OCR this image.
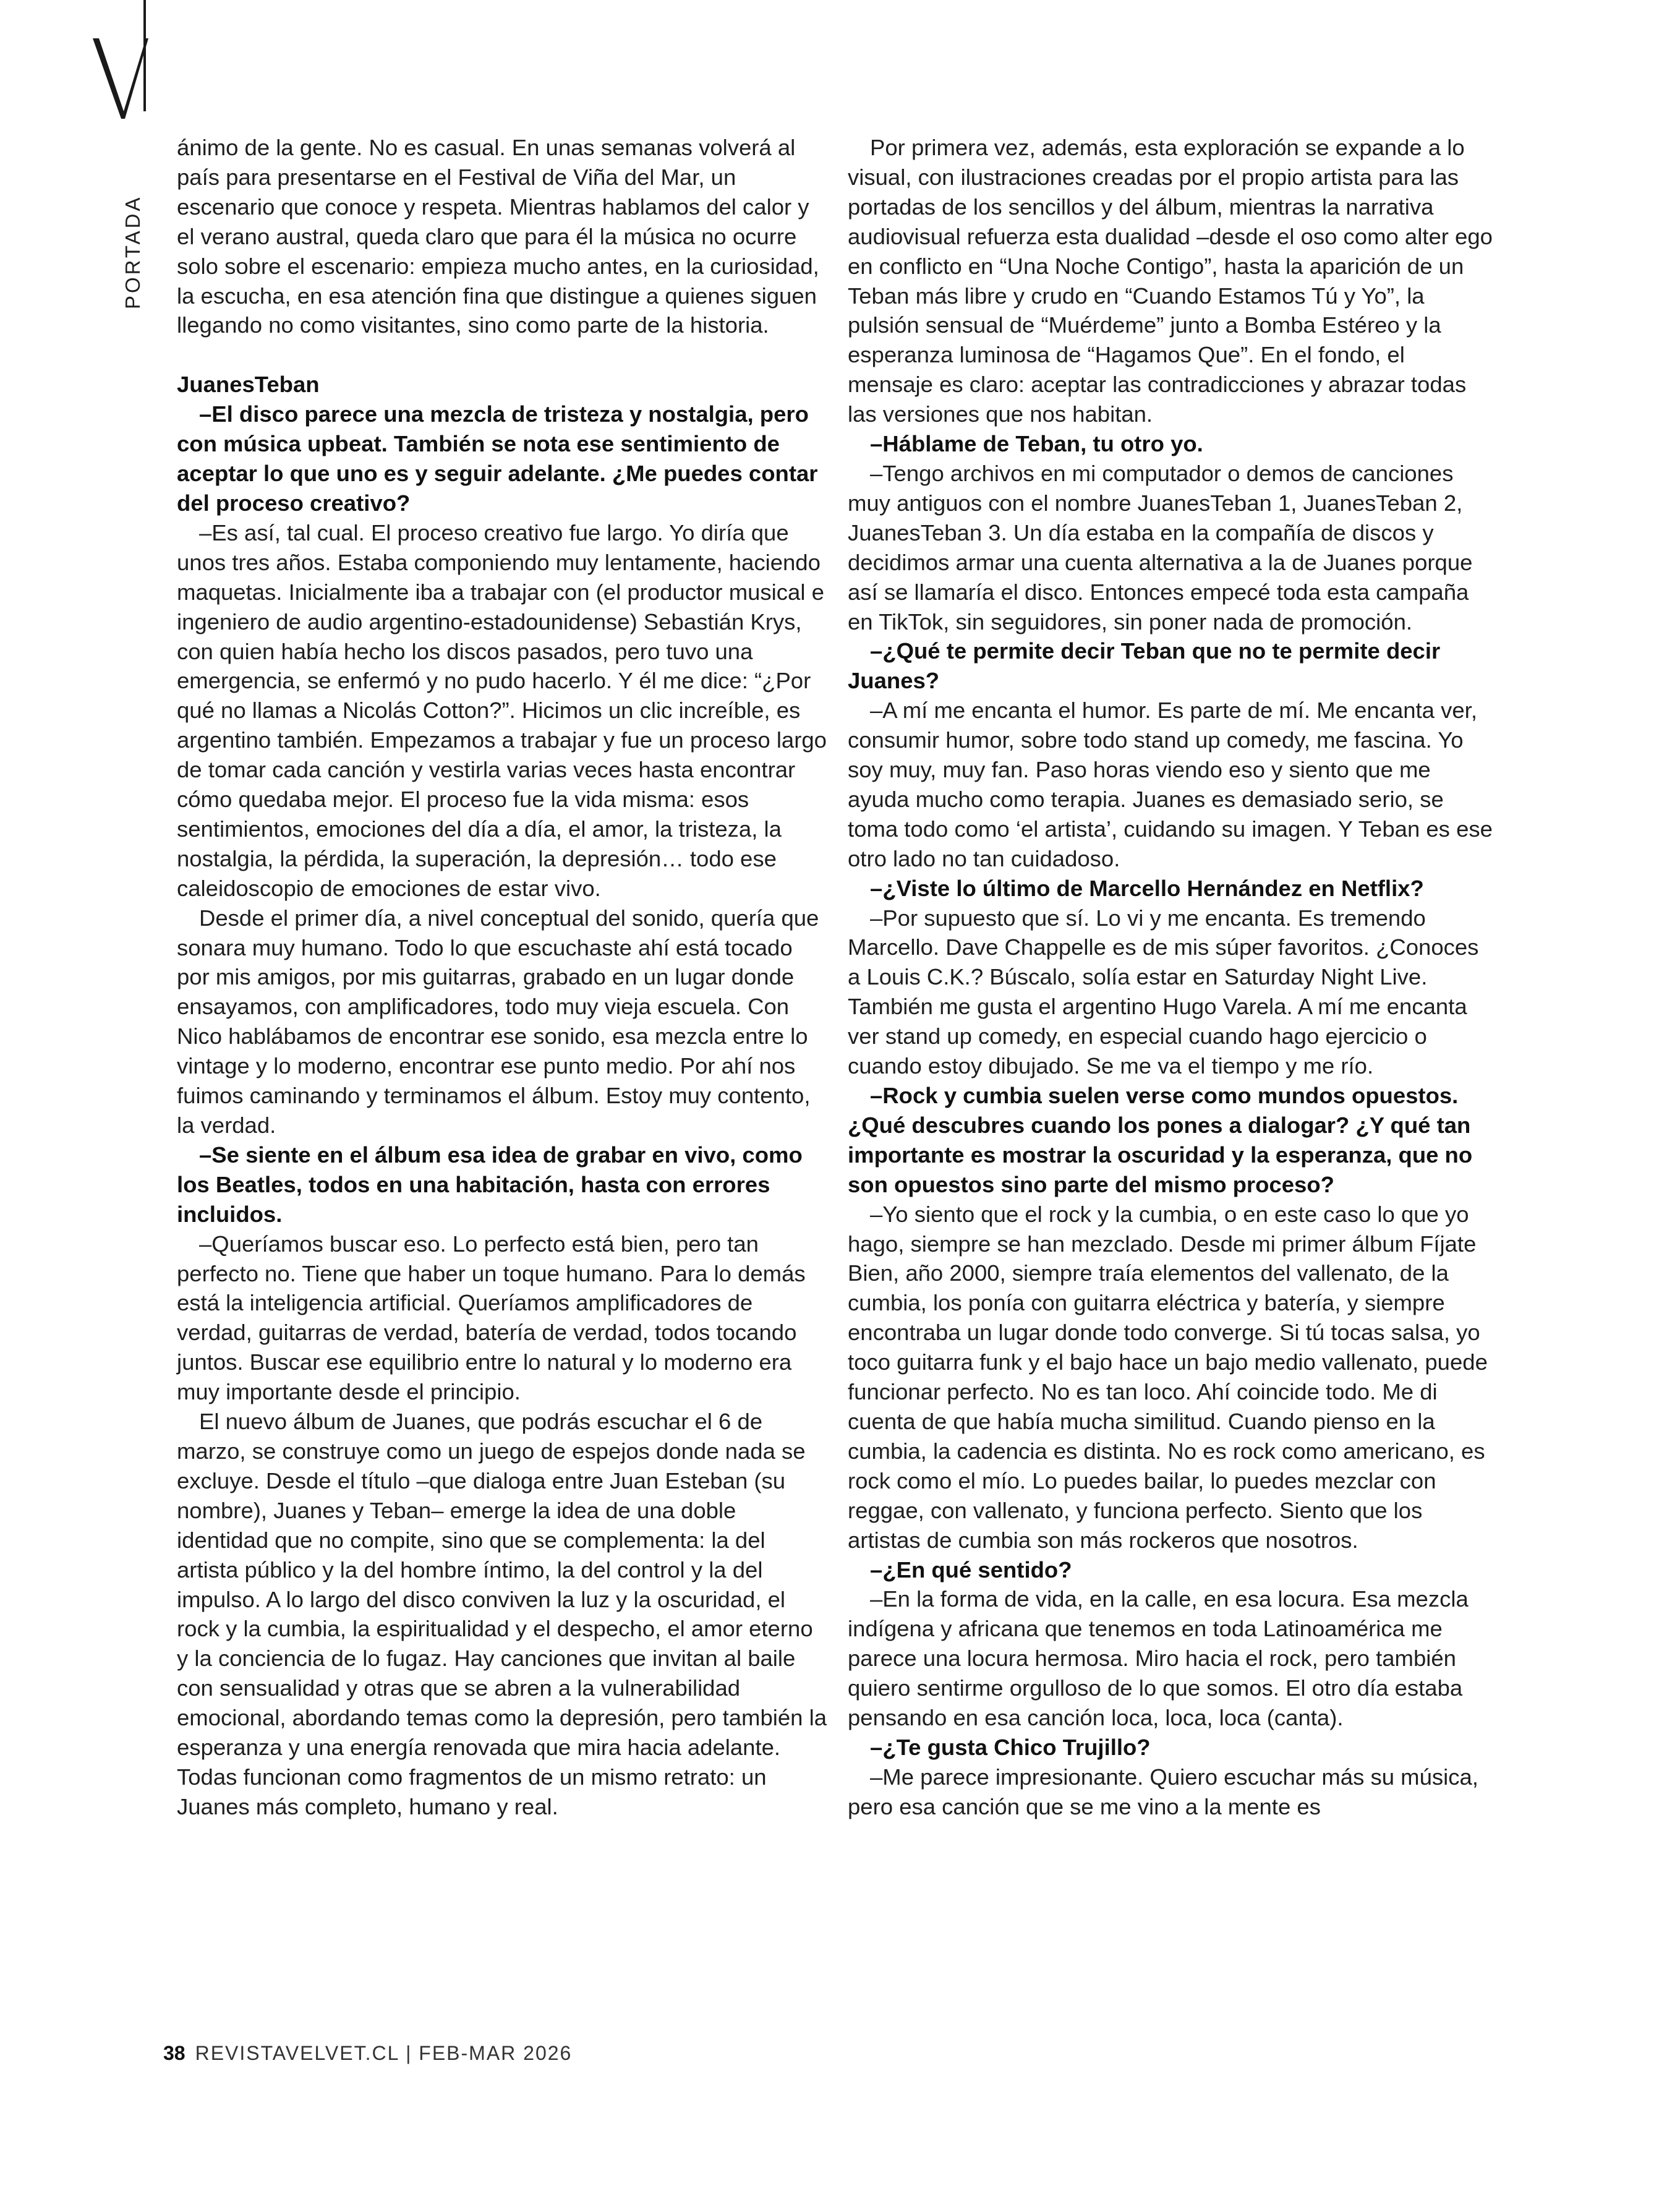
PORTADA

ánimo de la gente. No es casual. En unas semanas volverá al país para presentarse en el Festival de Viña del Mar, un escenario que conoce y respeta. Mientras hablamos del calor y el verano austral, queda claro que para él la música no ocurre solo sobre el escenario: empieza mucho antes, en la curiosidad, la escucha, en esa atención fina que distingue a quienes siguen llegando no como visitantes, sino como parte de la historia.

JuanesTeban

–El disco parece una mezcla de tristeza y nostalgia, pero con música upbeat. También se nota ese sentimiento de aceptar lo que uno es y seguir adelante. ¿Me puedes contar del proceso creativo?

–Es así, tal cual. El proceso creativo fue largo. Yo diría que unos tres años. Estaba componiendo muy lentamente, haciendo maquetas. Inicialmente iba a trabajar con (el productor musical e ingeniero de audio argentino-estadounidense) Sebastián Krys, con quien había hecho los discos pasados, pero tuvo una emergencia, se enfermó y no pudo hacerlo. Y él me dice: “¿Por qué no llamas a Nicolás Cotton?”. Hicimos un clic increíble, es argentino también. Empezamos a trabajar y fue un proceso largo de tomar cada canción y vestirla varias veces hasta encontrar cómo quedaba mejor. El proceso fue la vida misma: esos sentimientos, emociones del día a día, el amor, la tristeza, la nostalgia, la pérdida, la superación, la depresión… todo ese caleidoscopio de emociones de estar vivo.

Desde el primer día, a nivel conceptual del sonido, quería que sonara muy humano. Todo lo que escuchaste ahí está tocado por mis amigos, por mis guitarras, grabado en un lugar donde ensayamos, con amplificadores, todo muy vieja escuela. Con Nico hablábamos de encontrar ese sonido, esa mezcla entre lo vintage y lo moderno, encontrar ese punto medio. Por ahí nos fuimos caminando y terminamos el álbum. Estoy muy contento, la verdad.

–Se siente en el álbum esa idea de grabar en vivo, como los Beatles, todos en una habitación, hasta con errores incluidos.

–Queríamos buscar eso. Lo perfecto está bien, pero tan perfecto no. Tiene que haber un toque humano. Para lo demás está la inteligencia artificial. Queríamos amplificadores de verdad, guitarras de verdad, batería de verdad, todos tocando juntos. Buscar ese equilibrio entre lo natural y lo moderno era muy importante desde el principio.

El nuevo álbum de Juanes, que podrás escuchar el 6 de marzo, se construye como un juego de espejos donde nada se excluye. Desde el título –que dialoga entre Juan Esteban (su nombre), Juanes y Teban– emerge la idea de una doble identidad que no compite, sino que se complementa: la del artista público y la del hombre íntimo, la del control y la del impulso. A lo largo del disco conviven la luz y la oscuridad, el rock y la cumbia, la espiritualidad y el despecho, el amor eterno y la conciencia de lo fugaz. Hay canciones que invitan al baile con sensualidad y otras que se abren a la vulnerabilidad emocional, abordando temas como la depresión, pero también la esperanza y una energía renovada que mira hacia adelante. Todas funcionan como fragmentos de un mismo retrato: un Juanes más completo, humano y real.

Por primera vez, además, esta exploración se expande a lo visual, con ilustraciones creadas por el propio artista para las portadas de los sencillos y del álbum, mientras la narrativa audiovisual refuerza esta dualidad –desde el oso como alter ego en conflicto en “Una Noche Contigo”, hasta la aparición de un Teban más libre y crudo en “Cuando Estamos Tú y Yo”, la pulsión sensual de “Muérdeme” junto a Bomba Estéreo y la esperanza luminosa de “Hagamos Que”. En el fondo, el mensaje es claro: aceptar las contradicciones y abrazar todas las versiones que nos habitan.

–Háblame de Teban, tu otro yo.

–Tengo archivos en mi computador o demos de canciones muy antiguos con el nombre JuanesTeban 1, JuanesTeban 2, JuanesTeban 3. Un día estaba en la compañía de discos y decidimos armar una cuenta alternativa a la de Juanes porque así se llamaría el disco. Entonces empecé toda esta campaña en TikTok, sin seguidores, sin poner nada de promoción.

–¿Qué te permite decir Teban que no te permite decir Juanes?

–A mí me encanta el humor. Es parte de mí. Me encanta ver, consumir humor, sobre todo stand up comedy, me fascina. Yo soy muy, muy fan. Paso horas viendo eso y siento que me ayuda mucho como terapia. Juanes es demasiado serio, se toma todo como ‘el artista’, cuidando su imagen. Y Teban es ese otro lado no tan cuidadoso.

–¿Viste lo último de Marcello Hernández en Netflix?

–Por supuesto que sí. Lo vi y me encanta. Es tremendo Marcello. Dave Chappelle es de mis súper favoritos. ¿Conoces a Louis C.K.? Búscalo, solía estar en Saturday Night Live. También me gusta el argentino Hugo Varela. A mí me encanta ver stand up comedy, en especial cuando hago ejercicio o cuando estoy dibujado. Se me va el tiempo y me río.

–Rock y cumbia suelen verse como mundos opuestos. ¿Qué descubres cuando los pones a dialogar? ¿Y qué tan importante es mostrar la oscuridad y la esperanza, que no son opuestos sino parte del mismo proceso?

–Yo siento que el rock y la cumbia, o en este caso lo que yo hago, siempre se han mezclado. Desde mi primer álbum Fíjate Bien, año 2000, siempre traía elementos del vallenato, de la cumbia, los ponía con guitarra eléctrica y batería, y siempre encontraba un lugar donde todo converge. Si tú tocas salsa, yo toco guitarra funk y el bajo hace un bajo medio vallenato, puede funcionar perfecto. No es tan loco. Ahí coincide todo. Me di cuenta de que había mucha similitud. Cuando pienso en la cumbia, la cadencia es distinta. No es rock como americano, es rock como el mío. Lo puedes bailar, lo puedes mezclar con reggae, con vallenato, y funciona perfecto. Siento que los artistas de cumbia son más rockeros que nosotros.

–¿En qué sentido?

–En la forma de vida, en la calle, en esa locura. Esa mezcla indígena y africana que tenemos en toda Latinoamérica me parece una locura hermosa. Miro hacia el rock, pero también quiero sentirme orgulloso de lo que somos. El otro día estaba pensando en esa canción loca, loca, loca (canta).

–¿Te gusta Chico Trujillo?

–Me parece impresionante. Quiero escuchar más su música, pero esa canción que se me vino a la mente es

38 REVISTAVELVET.CL | FEB-MAR 2026
